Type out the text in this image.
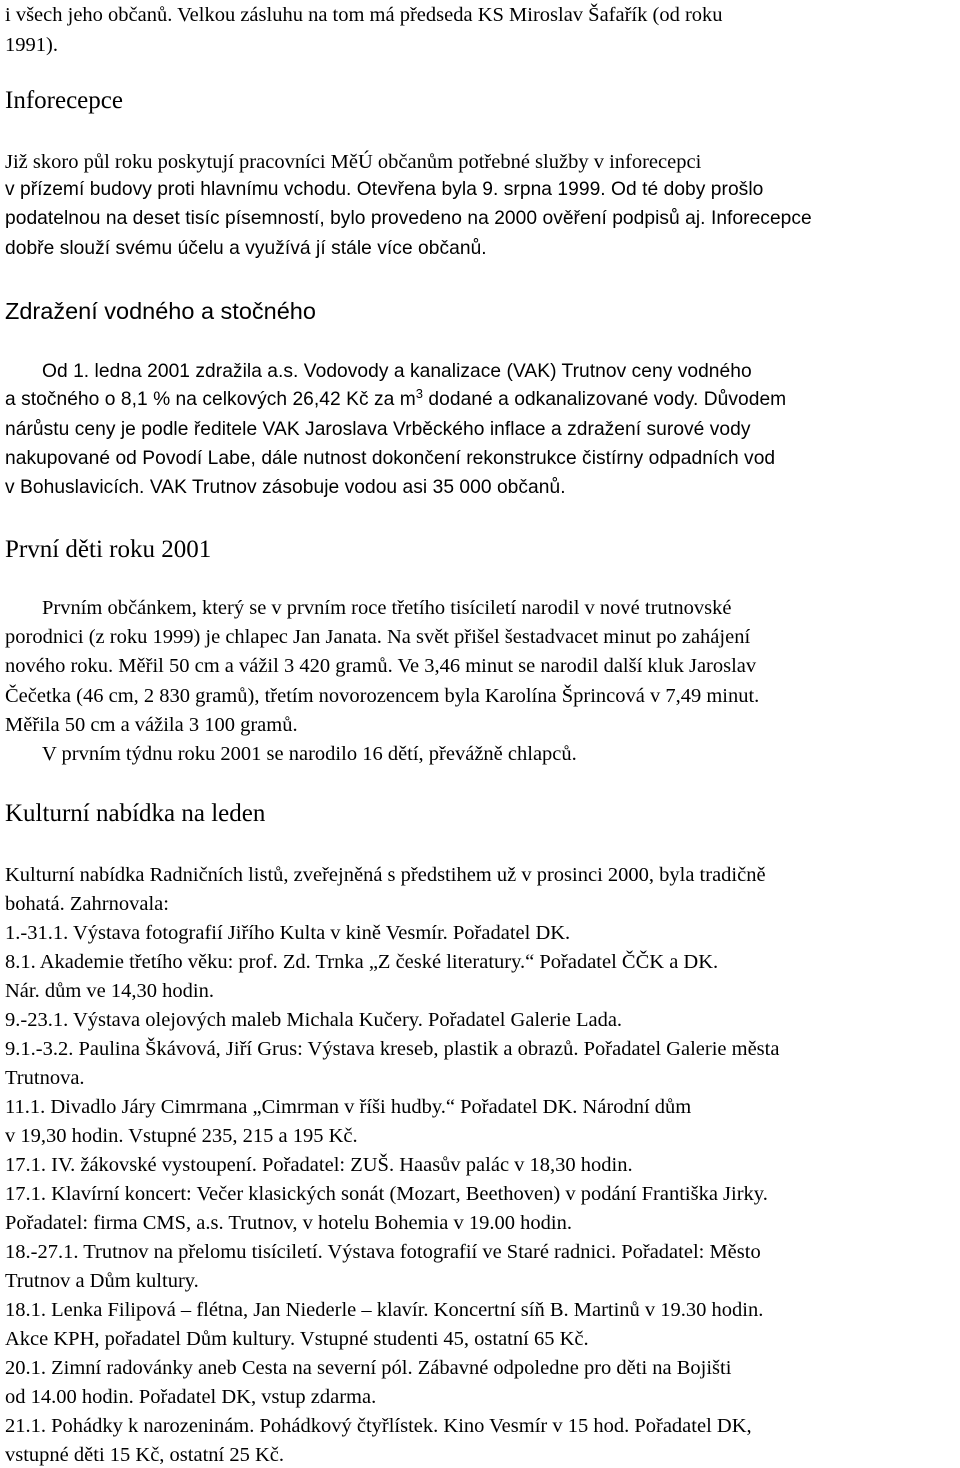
i všech jeho občanů. Velkou zásluhu na tom má předseda KS Miroslav Šafařík (od roku
1991).
Inforecepce
Již skoro půl roku poskytují pracovníci MěÚ občanům potřebné služby v inforecepci
v přízemí budovy proti hlavnímu vchodu. Otevřena byla 9. srpna 1999. Od té doby prošlo
podatelnou na deset tisíc písemností, bylo provedeno na 2000 ověření podpisů aj. Inforecepce
dobře slouží svému účelu a využívá jí stále více občanů.
Zdražení vodného a stočného
Od 1. ledna 2001 zdražila a.s. Vodovody a kanalizace (VAK) Trutnov ceny vodného
a stočného o 8,1 % na celkových 26,42 Kč za $m^3$ dodané a odkanalizované vody. Důvodem
nárůstu ceny je podle ředitele VAK Jaroslava Vrběckého inflace a zdražení surové vody
nakupované od Povodí Labe, dále nutnost dokončení rekonstrukce čistírny odpadních vod
v Bohuslavicích. VAK Trutnov zásobuje vodou asi 35 000 občanů.
První děti roku 2001
Prvním občánkem, který se v prvním roce třetího tisíciletí narodil v nové trutnovské
porodnici (z roku 1999) je chlapec Jan Janata. Na svět přišel šestadvacet minut po zahájení
nového roku. Měřil 50 cm a vážil 3 420 gramů. Ve 3,46 minut se narodil další kluk Jaroslav
Čečetka (46 cm, 2 830 gramů), třetím novorozencem byla Karolína Šprincová v 7,49 minut.
Měřila 50 cm a vážila 3 100 gramů.
V prvním týdnu roku 2001 se narodilo 16 dětí, převážně chlapců.
Kulturní nabídka na leden
Kulturní nabídka Radničních listů, zveřejněná s předstihem už v prosinci 2000, byla tradičně
bohatá. Zahrnovala:
1.-31.1. Výstava fotografií Jiřího Kulta v kině Vesmír. Pořadatel DK.
8.1. Akademie třetího věku: prof. Zd. Trnka „Z české literatury.“ Pořadatel ČČK a DK.
Nár. dům ve 14,30 hodin.
9.-23.1. Výstava olejových maleb Michala Kučery. Pořadatel Galerie Lada.
9.1.-3.2. Paulina Škávová, Jiří Grus: Výstava kreseb, plastik a obrazů. Pořadatel Galerie města
Trutnova.
11.1. Divadlo Járy Cimrmana „Cimrman v říši hudby.“ Pořadatel DK. Národní dům
v 19,30 hodin. Vstupné 235, 215 a 195 Kč.
17.1. IV. žákovské vystoupení. Pořadatel: ZUŠ. Haasův palác v 18,30 hodin.
17.1. Klavírní koncert: Večer klasických sonát (Mozart, Beethoven) v podání Františka Jirky.
Pořadatel: firma CMS, a.s. Trutnov, v hotelu Bohemia v 19.00 hodin.
18.-27.1. Trutnov na přelomu tisíciletí. Výstava fotografií ve Staré radnici. Pořadatel: Město
Trutnov a Dům kultury.
18.1. Lenka Filipová – flétna, Jan Niederle – klavír. Koncertní síň B. Martinů v 19.30 hodin.
Akce KPH, pořadatel Dům kultury. Vstupné studenti 45, ostatní 65 Kč.
20.1. Zimní radovánky aneb Cesta na severní pól. Zábavné odpoledne pro děti na Bojišti
od 14.00 hodin. Pořadatel DK, vstup zdarma.
21.1. Pohádky k narozeninám. Pohádkový čtyřlístek. Kino Vesmír v 15 hod. Pořadatel DK,
vstupné děti 15 Kč, ostatní 25 Kč.
